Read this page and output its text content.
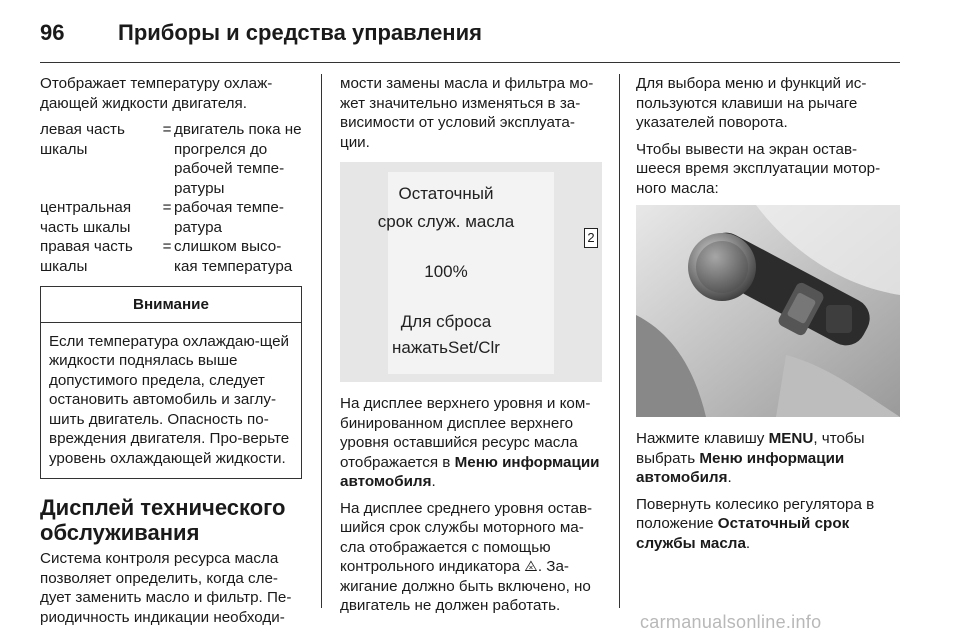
96 Приборы и средства управления
Отображает температуру охлаж-дающей жидкости двигателя.
левая часть шкалы
= двигатель пока не прогрелся до рабочей темпе-ратуры
центральная часть шкалы
= рабочая темпе-ратура
правая часть шкалы
= слишком высо-кая температура
Внимание
Если температура охлаждаю-щей жидкости поднялась выше допустимого предела, следует остановить автомобиль и заглу-шить двигатель. Опасность по-вреждения двигателя. Про-верьте уровень охлаждающей жидкости.
Дисплей технического обслуживания
Система контроля ресурса масла позволяет определить, когда сле-дует заменить масло и фильтр. Пе-риодичность индикации необходи-
мости замены масла и фильтра мо-жет значительно изменяться в за-висимости от условий эксплуата-ции.
Остаточный
срок служ. масла
2
100%
Для сброса
нажатьSet/Clr
На дисплее верхнего уровня и ком-бинированном дисплее верхнего уровня оставшийся ресурс масла отображается в Меню информации автомобиля.
На дисплее среднего уровня остав-шийся срок службы моторного ма-сла отображается с помощью контрольного индикатора ⨻. За-жигание должно быть включено, но двигатель не должен работать.
Для выбора меню и функций ис-пользуются клавиши на рычаге указателей поворота.
Чтобы вывести на экран остав-шееся время эксплуатации мотор-ного масла:
Нажмите клавишу MENU, чтобы выбрать Меню информации автомобиля.
Повернуть колесико регулятора в положение Остаточный срок службы масла.
carmanualsonline.info
